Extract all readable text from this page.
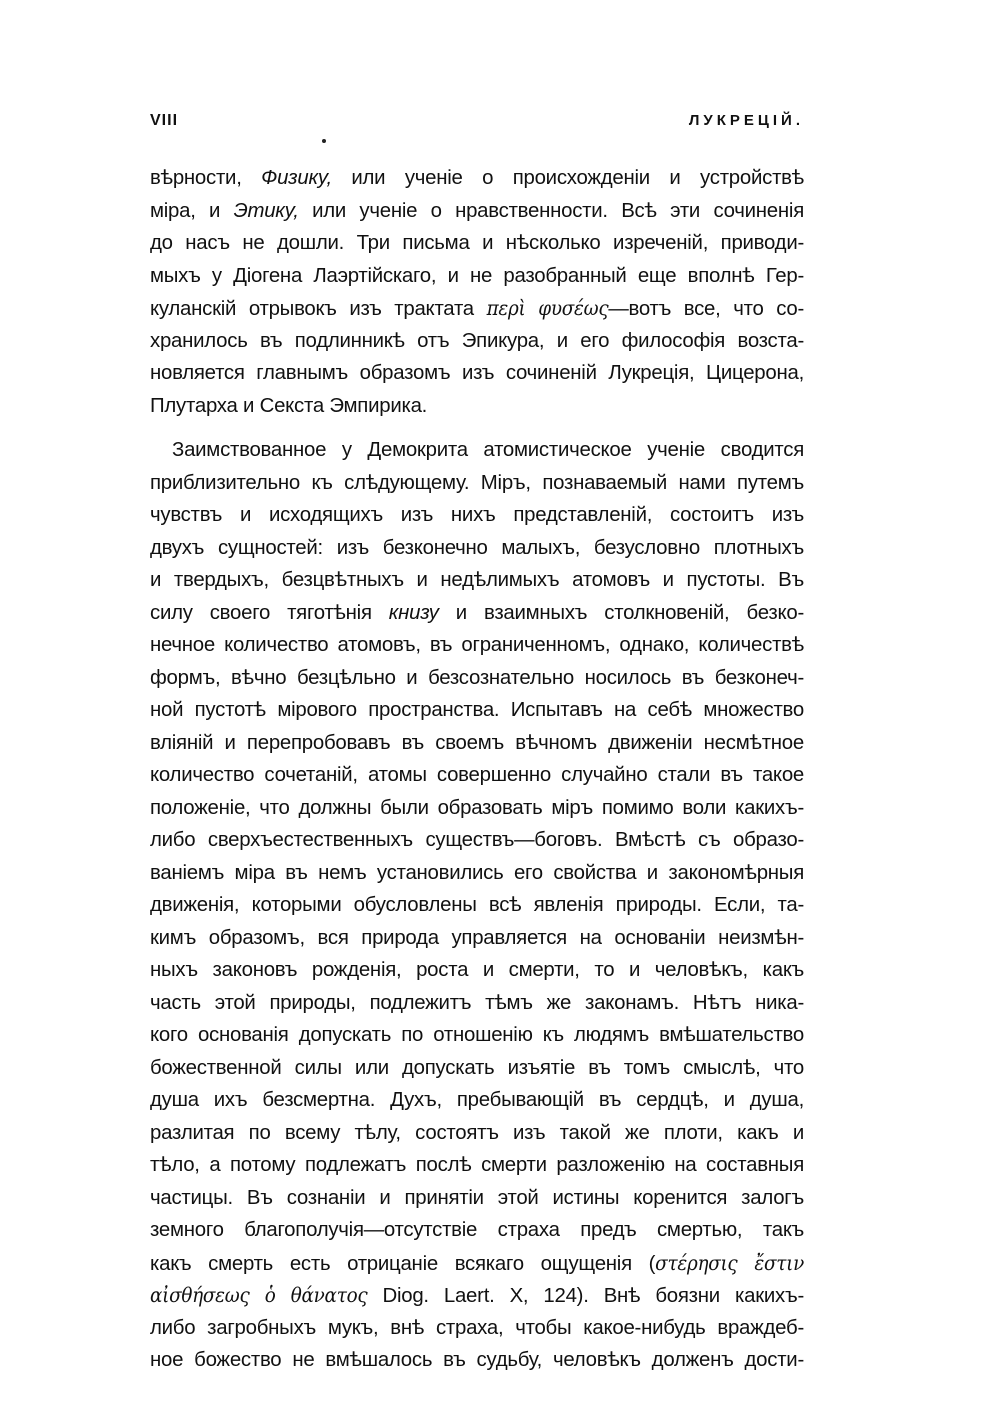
VIII	ЛУКРЕЦIЙ.
вѣрности, Физику, или ученіе о происхожденіи и устройствѣ
міра, и Этику, или ученіе о нравственности. Всѣ эти сочиненія
до насъ не дошли. Три письма и нѣсколько изреченій, приводи-
мыхъ у Діогена Лаэртійскаго, и не разобранный еще вполнѣ Гер-
куланскій отрывокъ изъ трактата περὶ φυσέως—вотъ все, что со-
хранилось въ подлинникѣ отъ Эпикура, и его философія возста-
новляется главнымъ образомъ изъ сочиненій Лукреція, Цицерона,
Плутарха и Секста Эмпирика.
Заимствованное у Демокрита атомистическое ученіе сводится
приблизительно къ слѣдующему. Міръ, познаваемый нами путемъ
чувствъ и исходящихъ изъ нихъ представленій, состоитъ изъ
двухъ сущностей: изъ безконечно малыхъ, безусловно плотныхъ
и твердыхъ, безцвѣтныхъ и недѣлимыхъ атомовъ и пустоты. Въ
силу своего тяготѣнія книзу и взаимныхъ столкновеній, безко-
нечное количество атомовъ, въ ограниченномъ, однако, количествѣ
формъ, вѣчно безцѣльно и безсознательно носилось въ безконеч-
ной пустотѣ мірового пространства. Испытавъ на себѣ множество
вліяній и перепробовавъ въ своемъ вѣчномъ движеніи несмѣтное
количество сочетаній, атомы совершенно случайно стали въ такое
положеніе, что должны были образовать міръ помимо воли какихъ-
либо сверхъестественныхъ существъ—боговъ. Вмѣстѣ съ образо-
ваніемъ міра въ немъ установились его свойства и закономѣрныя
движенія, которыми обусловлены всѣ явленія природы. Если, та-
кимъ образомъ, вся природа управляется на основаніи неизмѣн-
ныхъ законовъ рожденія, роста и смерти, то и человѣкъ, какъ
часть этой природы, подлежитъ тѣмъ же законамъ. Нѣтъ ника-
кого основанія допускать по отношенію къ людямъ вмѣшательство
божественной силы или допускать изъятіе въ томъ смыслѣ, что
душа ихъ безсмертна. Духъ, пребывающій въ сердцѣ, и душа,
разлитая по всему тѣлу, состоятъ изъ такой же плоти, какъ и
тѣло, а потому подлежатъ послѣ смерти разложенію на составныя
частицы. Въ сознаніи и принятіи этой истины коренится залогъ
земного благополучія—отсутствіе страха предъ смертью, такъ
какъ смерть есть отрицаніе всякаго ощущенія (στέρησις ἔστιν
αἰσθήσεως ὁ θάνατος Diog. Laert. X, 124). Внѣ боязни какихъ-
либо загробныхъ мукъ, внѣ страха, чтобы какое-нибудь враждеб-
ное божество не вмѣшалось въ судьбу, человѣкъ долженъ дости-
